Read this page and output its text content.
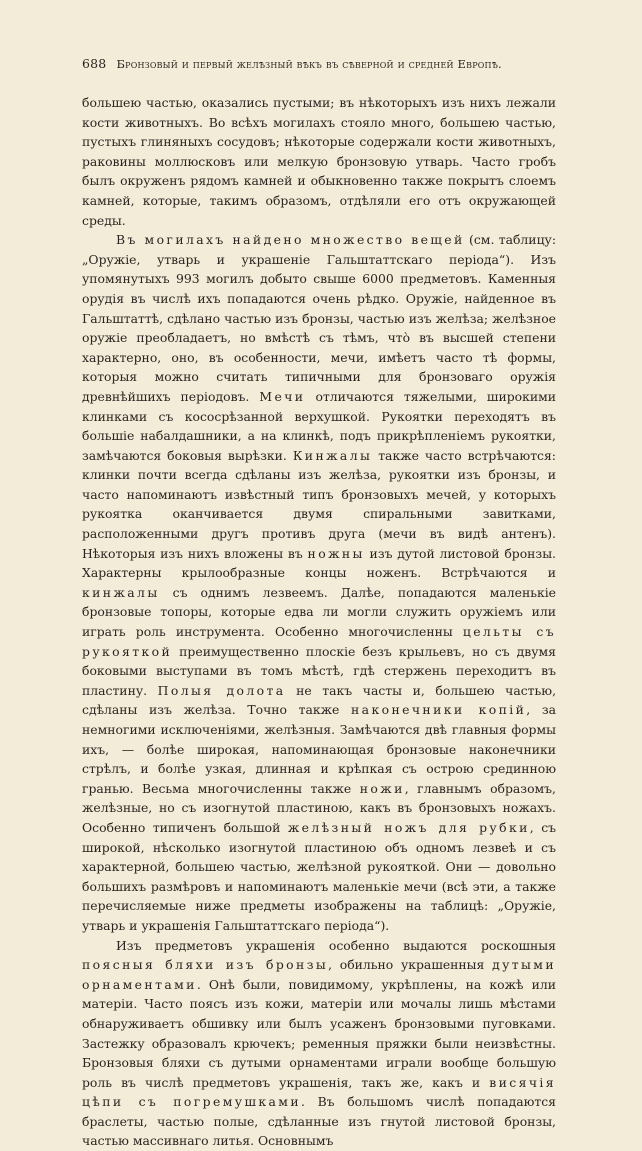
688 Бронзовый и первый желѣзный вѣкъ въ сѣверной и средней Европѣ.

большею частью, оказались пустыми; въ нѣкоторыхъ изъ нихъ лежали кости животныхъ. Во всѣхъ могилахъ стояло много, большею частью, пустыхъ глиняныхъ сосудовъ; нѣкоторые содержали кости животныхъ, раковины моллюсковъ или мелкую бронзовую утварь. Часто гробъ былъ окруженъ рядомъ камней и обыкновенно также покрытъ слоемъ камней, которые, такимъ образомъ, отдѣляли его отъ окружающей среды.

Въ могилахъ найдено множество вещей (см. таблицу: „Оружіе, утварь и украшеніе Гальштаттскаго періода“). Изъ упомянутыхъ 993 могилъ добыто свыше 6000 предметовъ. Каменныя орудія въ числѣ ихъ попадаются очень рѣдко. Оружіе, найденное въ Гальштаттѣ, сдѣлано частью изъ бронзы, частью изъ желѣза; желѣзное оружіе преобладаетъ, но вмѣстѣ съ тѣмъ, что̀ въ высшей степени характерно, оно, въ особенности, мечи, имѣетъ часто тѣ формы, которыя можно считать типичными для бронзоваго оружія древнѣйшихъ періодовъ. Мечи отличаются тяжелыми, широкими клинками съ кососрѣзанной верхушкой. Рукоятки переходятъ въ большіе набалдашники, а на клинкѣ, подъ прикрѣпленіемъ рукоятки, замѣчаются боковыя вырѣзки. Кинжалы также часто встрѣчаются: клинки почти всегда сдѣланы изъ желѣза, рукоятки изъ бронзы, и часто напоминаютъ извѣстный типъ бронзовыхъ мечей, у которыхъ рукоятка оканчивается двумя спиральными завитками, расположенными другъ противъ друга (мечи въ видѣ антенъ). Нѣкоторыя изъ нихъ вложены въ ножны изъ дутой листовой бронзы. Характерны крылообразные концы ноженъ. Встрѣчаются и кинжалы съ однимъ лезвеемъ. Далѣе, попадаются маленькіе бронзовые топоры, которые едва ли могли служить оружіемъ или играть роль инструмента. Особенно многочисленны цельты съ рукояткой преимущественно плоскіе безъ крыльевъ, но съ двумя боковыми выступами въ томъ мѣстѣ, гдѣ стержень переходитъ въ пластину. Полыя долота не такъ часты и, большею частью, сдѣланы изъ желѣза. Точно также наконечники копій, за немногими исключеніями, желѣзныя. Замѣчаются двѣ главныя формы ихъ, — болѣе широкая, напоминающая бронзовые наконечники стрѣлъ, и болѣе узкая, длинная и крѣпкая съ острою срединною гранью. Весьма многочисленны также ножи, главнымъ образомъ, желѣзные, но съ изогнутой пластиною, какъ въ бронзовыхъ ножахъ. Особенно типиченъ большой желѣзный ножъ для рубки, съ широкой, нѣсколько изогнутой пластиною объ одномъ лезвеѣ и съ характерной, большею частью, желѣзной рукояткой. Они — довольно большихъ размѣровъ и напоминаютъ маленькіе мечи (всѣ эти, а также перечисляемые ниже предметы изображены на таблицѣ: „Оружіе, утварь и украшенія Гальштаттскаго періода“).

Изъ предметовъ украшенія особенно выдаются роскошныя поясныя бляхи изъ бронзы, обильно украшенныя дутыми орнаментами. Онѣ были, повидимому, укрѣплены, на кожѣ или матеріи. Часто поясъ изъ кожи, матеріи или мочалы лишь мѣстами обнаруживаетъ обшивку или былъ усаженъ бронзовыми пуговками. Застежку образовалъ крючекъ; ременныя пряжки были неизвѣстны. Бронзовыя бляхи съ дутыми орнаментами играли вообще большую роль въ числѣ предметовъ украшенія, такъ же, какъ и висячія цѣпи съ погремушками. Въ большомъ числѣ попадаются браслеты, частью полые, сдѣланные изъ гнутой листовой бронзы, частью массивнаго литья. Основнымъ
